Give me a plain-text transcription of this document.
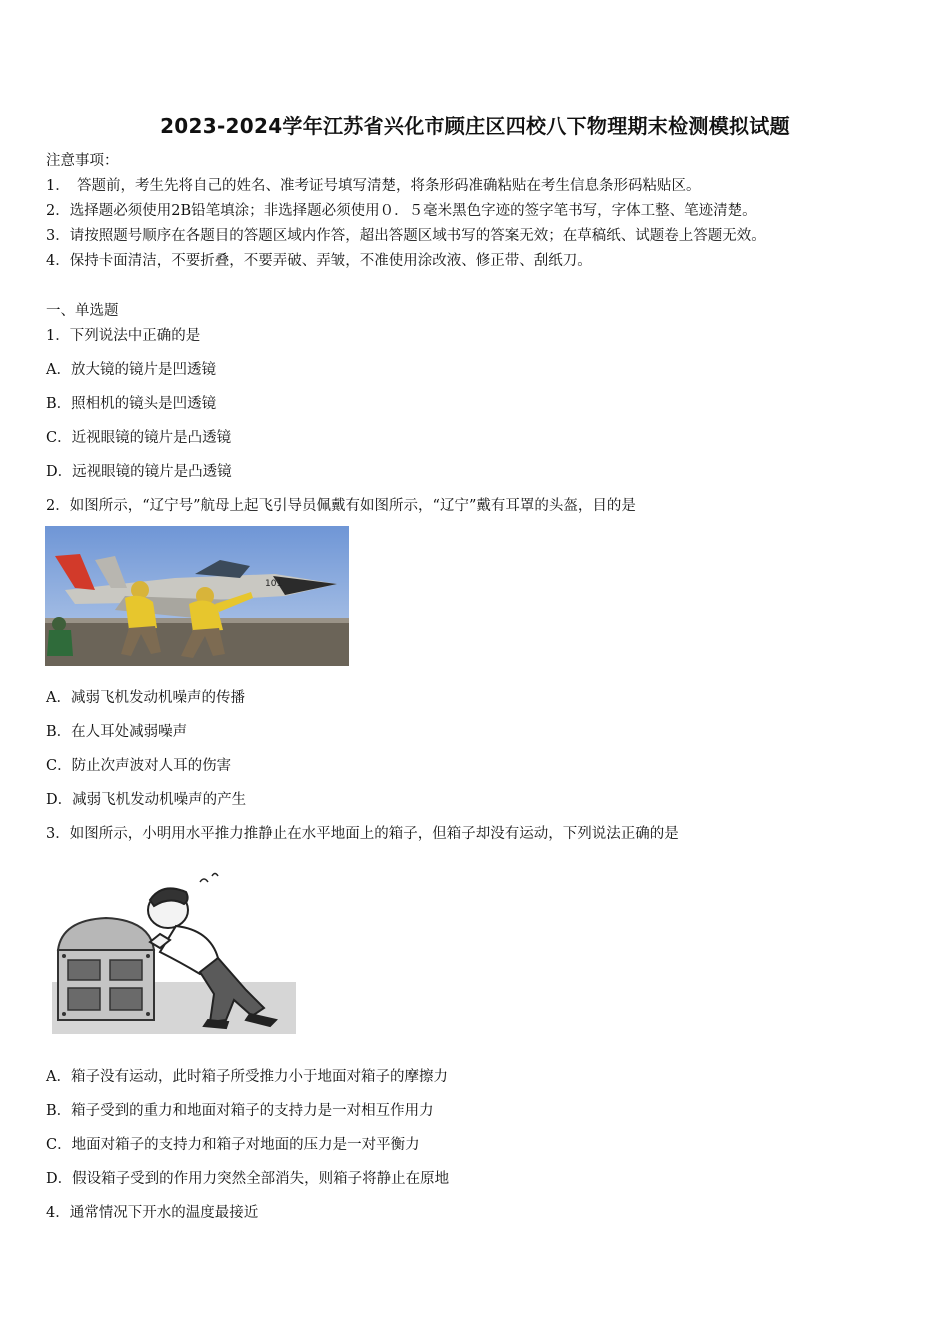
2023-2024学年江苏省兴化市顾庄区四校八下物理期末检测模拟试题
注意事项：
1．　答题前，考生先将自己的姓名、准考证号填写清楚，将条形码准确粘贴在考生信息条形码粘贴区。
2．选择题必须使用2B铅笔填涂；非选择题必须使用０．５毫米黑色字迹的签字笔书写，字体工整、笔迹清楚。
3．请按照题号顺序在各题目的答题区域内作答，超出答题区域书写的答案无效；在草稿纸、试题卷上答题无效。
4．保持卡面清洁，不要折叠，不要弄破、弄皱，不准使用涂改液、修正带、刮纸刀。
一、单选题
1．下列说法中正确的是
A．放大镜的镜片是凹透镜
B．照相机的镜头是凹透镜
C．近视眼镜的镜片是凸透镜
D．远视眼镜的镜片是凸透镜
2．如图所示，“辽宁号”航母上起飞引导员佩戴有如图所示，“辽宁”戴有耳罩的头盔，目的是
101
A．减弱飞机发动机噪声的传播
B．在人耳处减弱噪声
C．防止次声波对人耳的伤害
D．减弱飞机发动机噪声的产生
3．如图所示，小明用水平推力推静止在水平地面上的箱子，但箱子却没有运动，下列说法正确的是
A．箱子没有运动，此时箱子所受推力小于地面对箱子的摩擦力
B．箱子受到的重力和地面对箱子的支持力是一对相互作用力
C．地面对箱子的支持力和箱子对地面的压力是一对平衡力
D．假设箱子受到的作用力突然全部消失，则箱子将静止在原地
4．通常情况下开水的温度最接近
